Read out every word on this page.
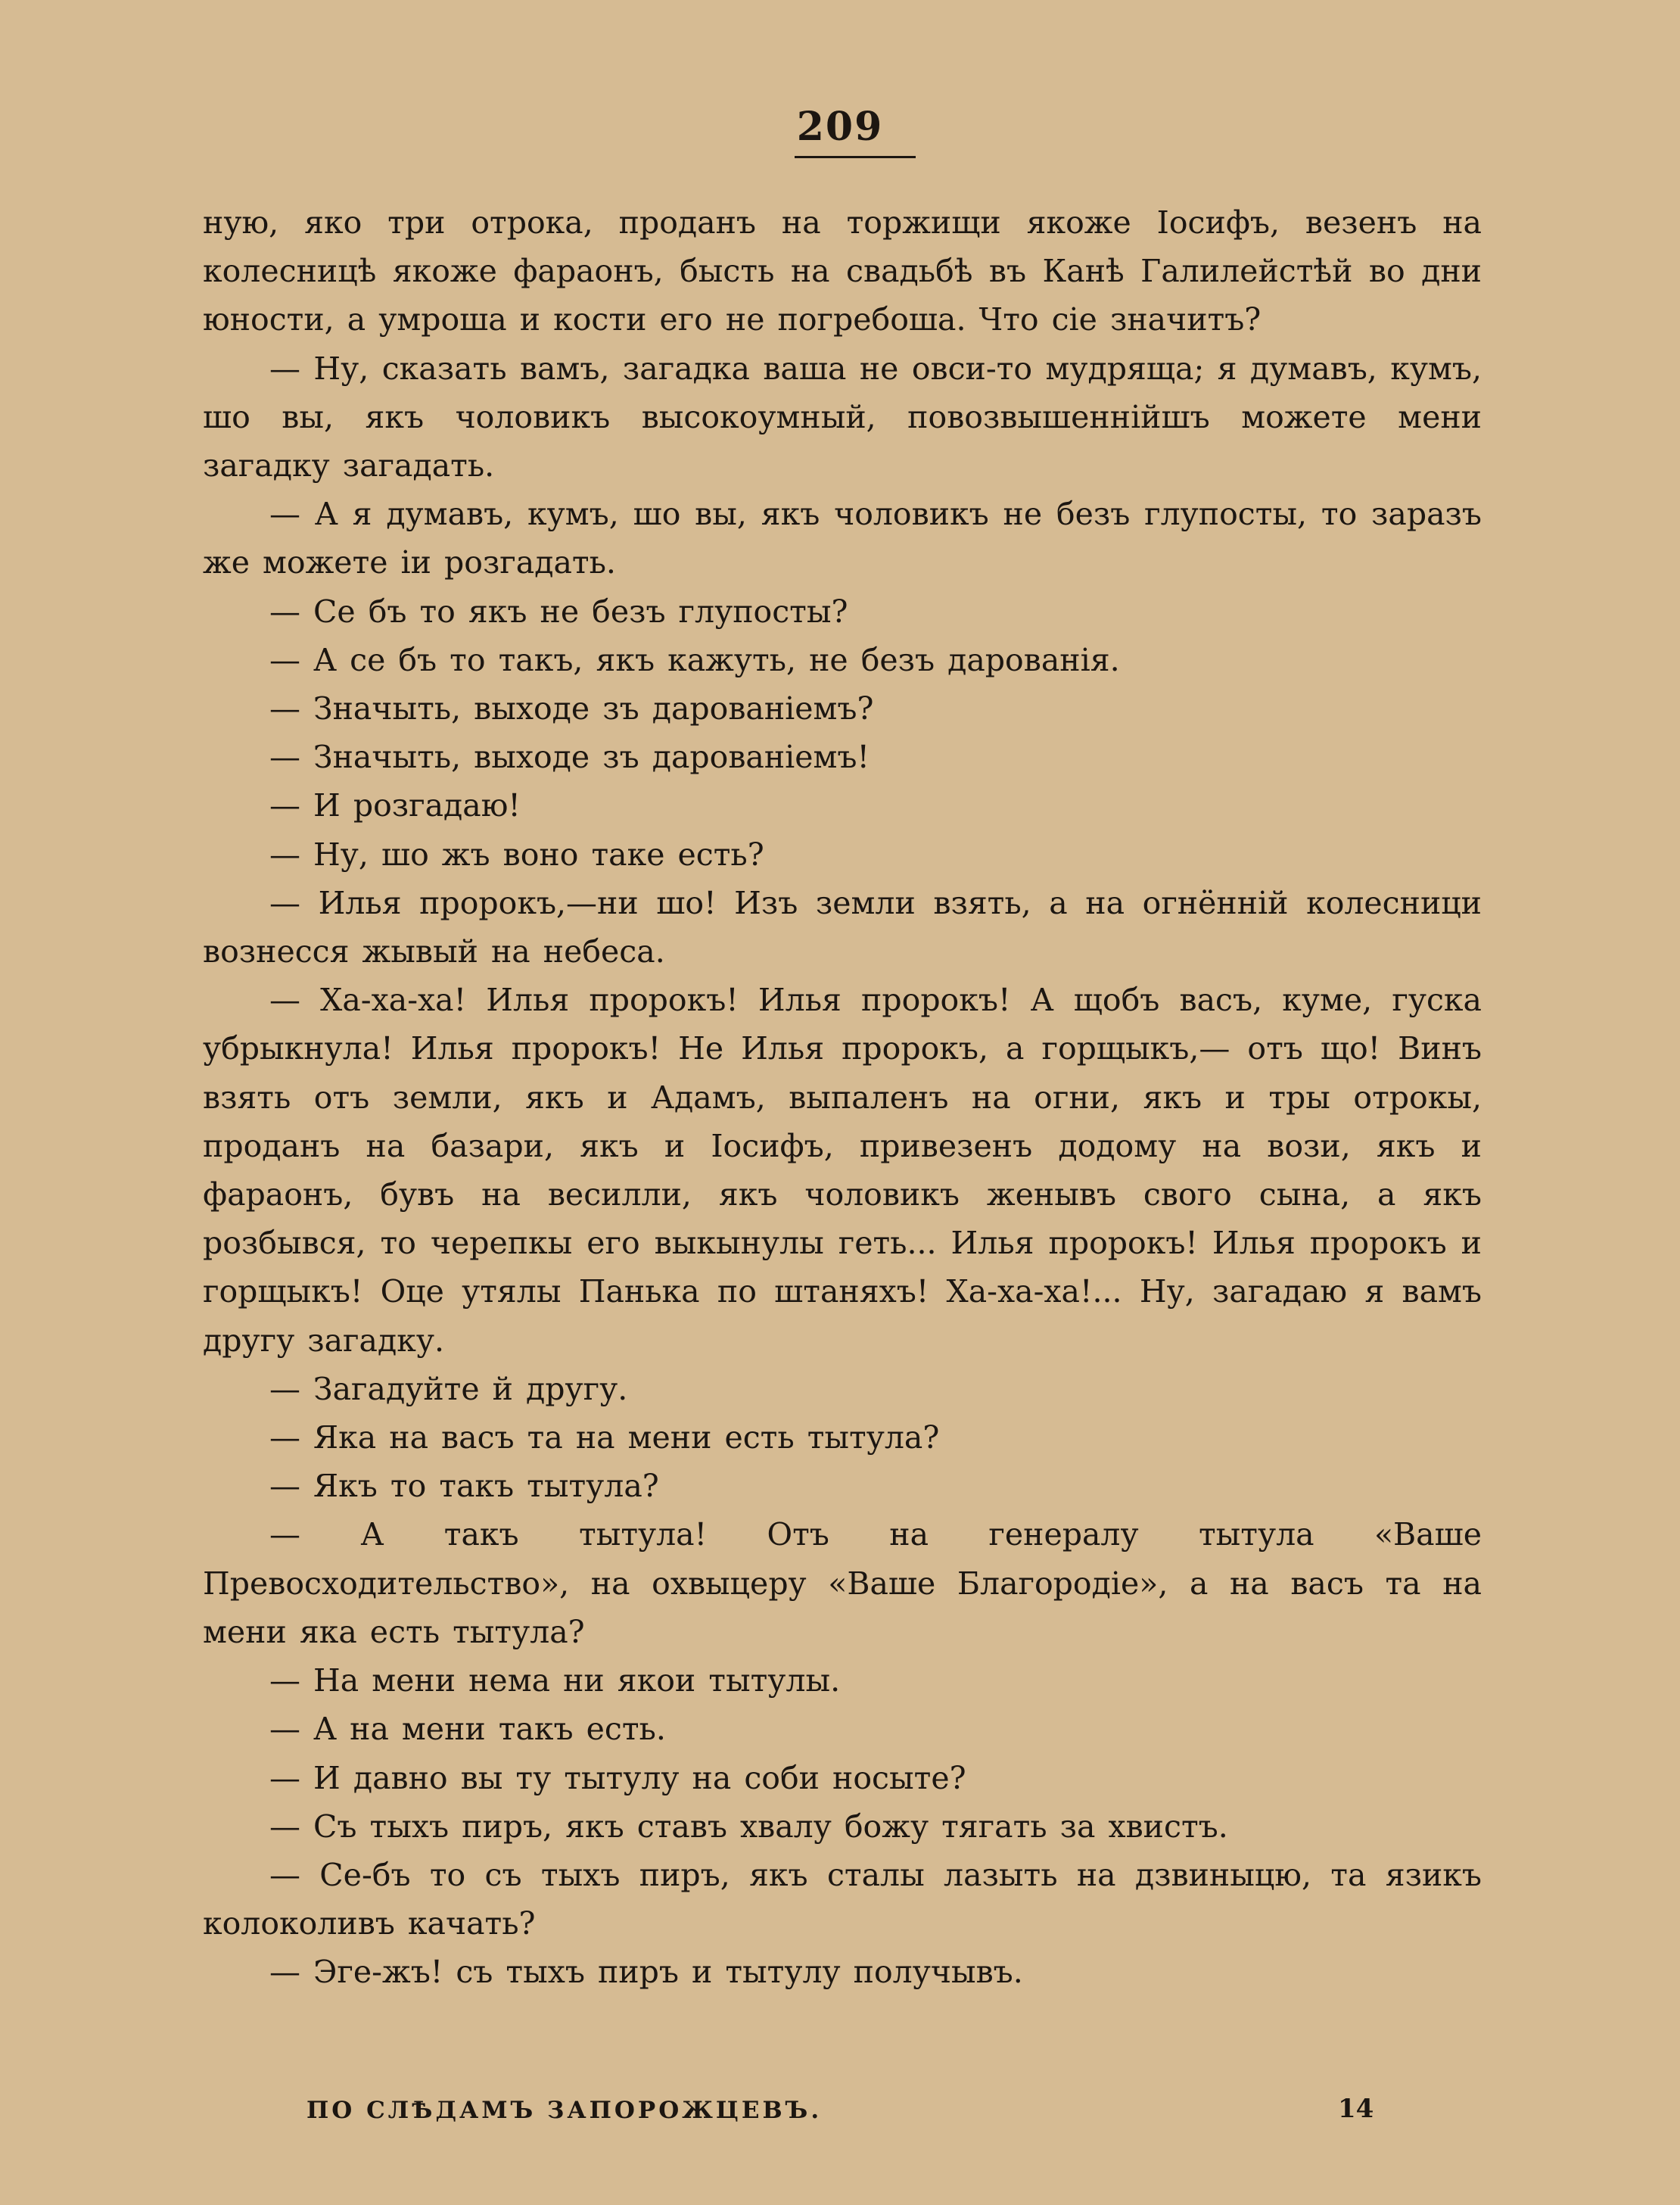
209

ную, яко три отрока, проданъ на торжищи якоже Іосифъ, везенъ на колесницѣ якоже фараонъ, бысть на свадьбѣ въ Канѣ Галилейстѣй во дни юности, а умроша и кости его не погребоша. Что сіе значитъ?

— Ну, сказать вамъ, загадка ваша не овси-то мудряща; я думавъ, кумъ, шо вы, якъ чоловикъ высокоумный, повозвышеннійшъ можете мени загадку загадать.

— А я думавъ, кумъ, шо вы, якъ чоловикъ не безъ глупосты, то заразъ же можете іи розгадать.

— Се бъ то якъ не безъ глупосты?

— А се бъ то такъ, якъ кажуть, не безъ дарованія.

— Значыть, выходе зъ дарованіемъ?

— Значыть, выходе зъ дарованіемъ!

— И розгадаю!

— Ну, шо жъ воно таке есть?

— Илья пророкъ,—ни шо! Изъ земли взять, а на огнённій колесници вознесся жывый на небеса.

— Ха-ха-ха! Илья пророкъ! Илья пророкъ! А щобъ васъ, куме, гуска убрыкнула! Илья пророкъ! Не Илья пророкъ, а горщыкъ,— отъ що! Винъ взять отъ земли, якъ и Адамъ, выпаленъ на огни, якъ и тры отрокы, проданъ на базари, якъ и Іосифъ, привезенъ додому на вози, якъ и фараонъ, бувъ на весилли, якъ чоловикъ женывъ свого сына, а якъ розбывся, то черепкы его выкынулы геть... Илья пророкъ! Илья пророкъ и горщыкъ! Оце утялы Панька по штаняхъ! Ха-ха-ха!... Ну, загадаю я вамъ другу загадку.

— Загадуйте й другу.

— Яка на васъ та на мени есть тытула?

— Якъ то такъ тытула?

— А такъ тытула! Отъ на генералу тытула «Ваше Превосходительство», на охвыцеру «Ваше Благородіе», а на васъ та на мени яка есть тытула?

— На мени нема ни якои тытулы.

— А на мени такъ есть.

— И давно вы ту тытулу на соби носыте?

— Съ тыхъ пиръ, якъ ставъ хвалу божу тягать за хвистъ.

— Се-бъ то съ тыхъ пиръ, якъ сталы лазыть на дзвиныцю, та язикъ колоколивъ качать?

— Эге-жъ! съ тыхъ пиръ и тытулу получывъ.

ПО СЛѢДАМЪ ЗАПОРОЖЦЕВЪ.	14
